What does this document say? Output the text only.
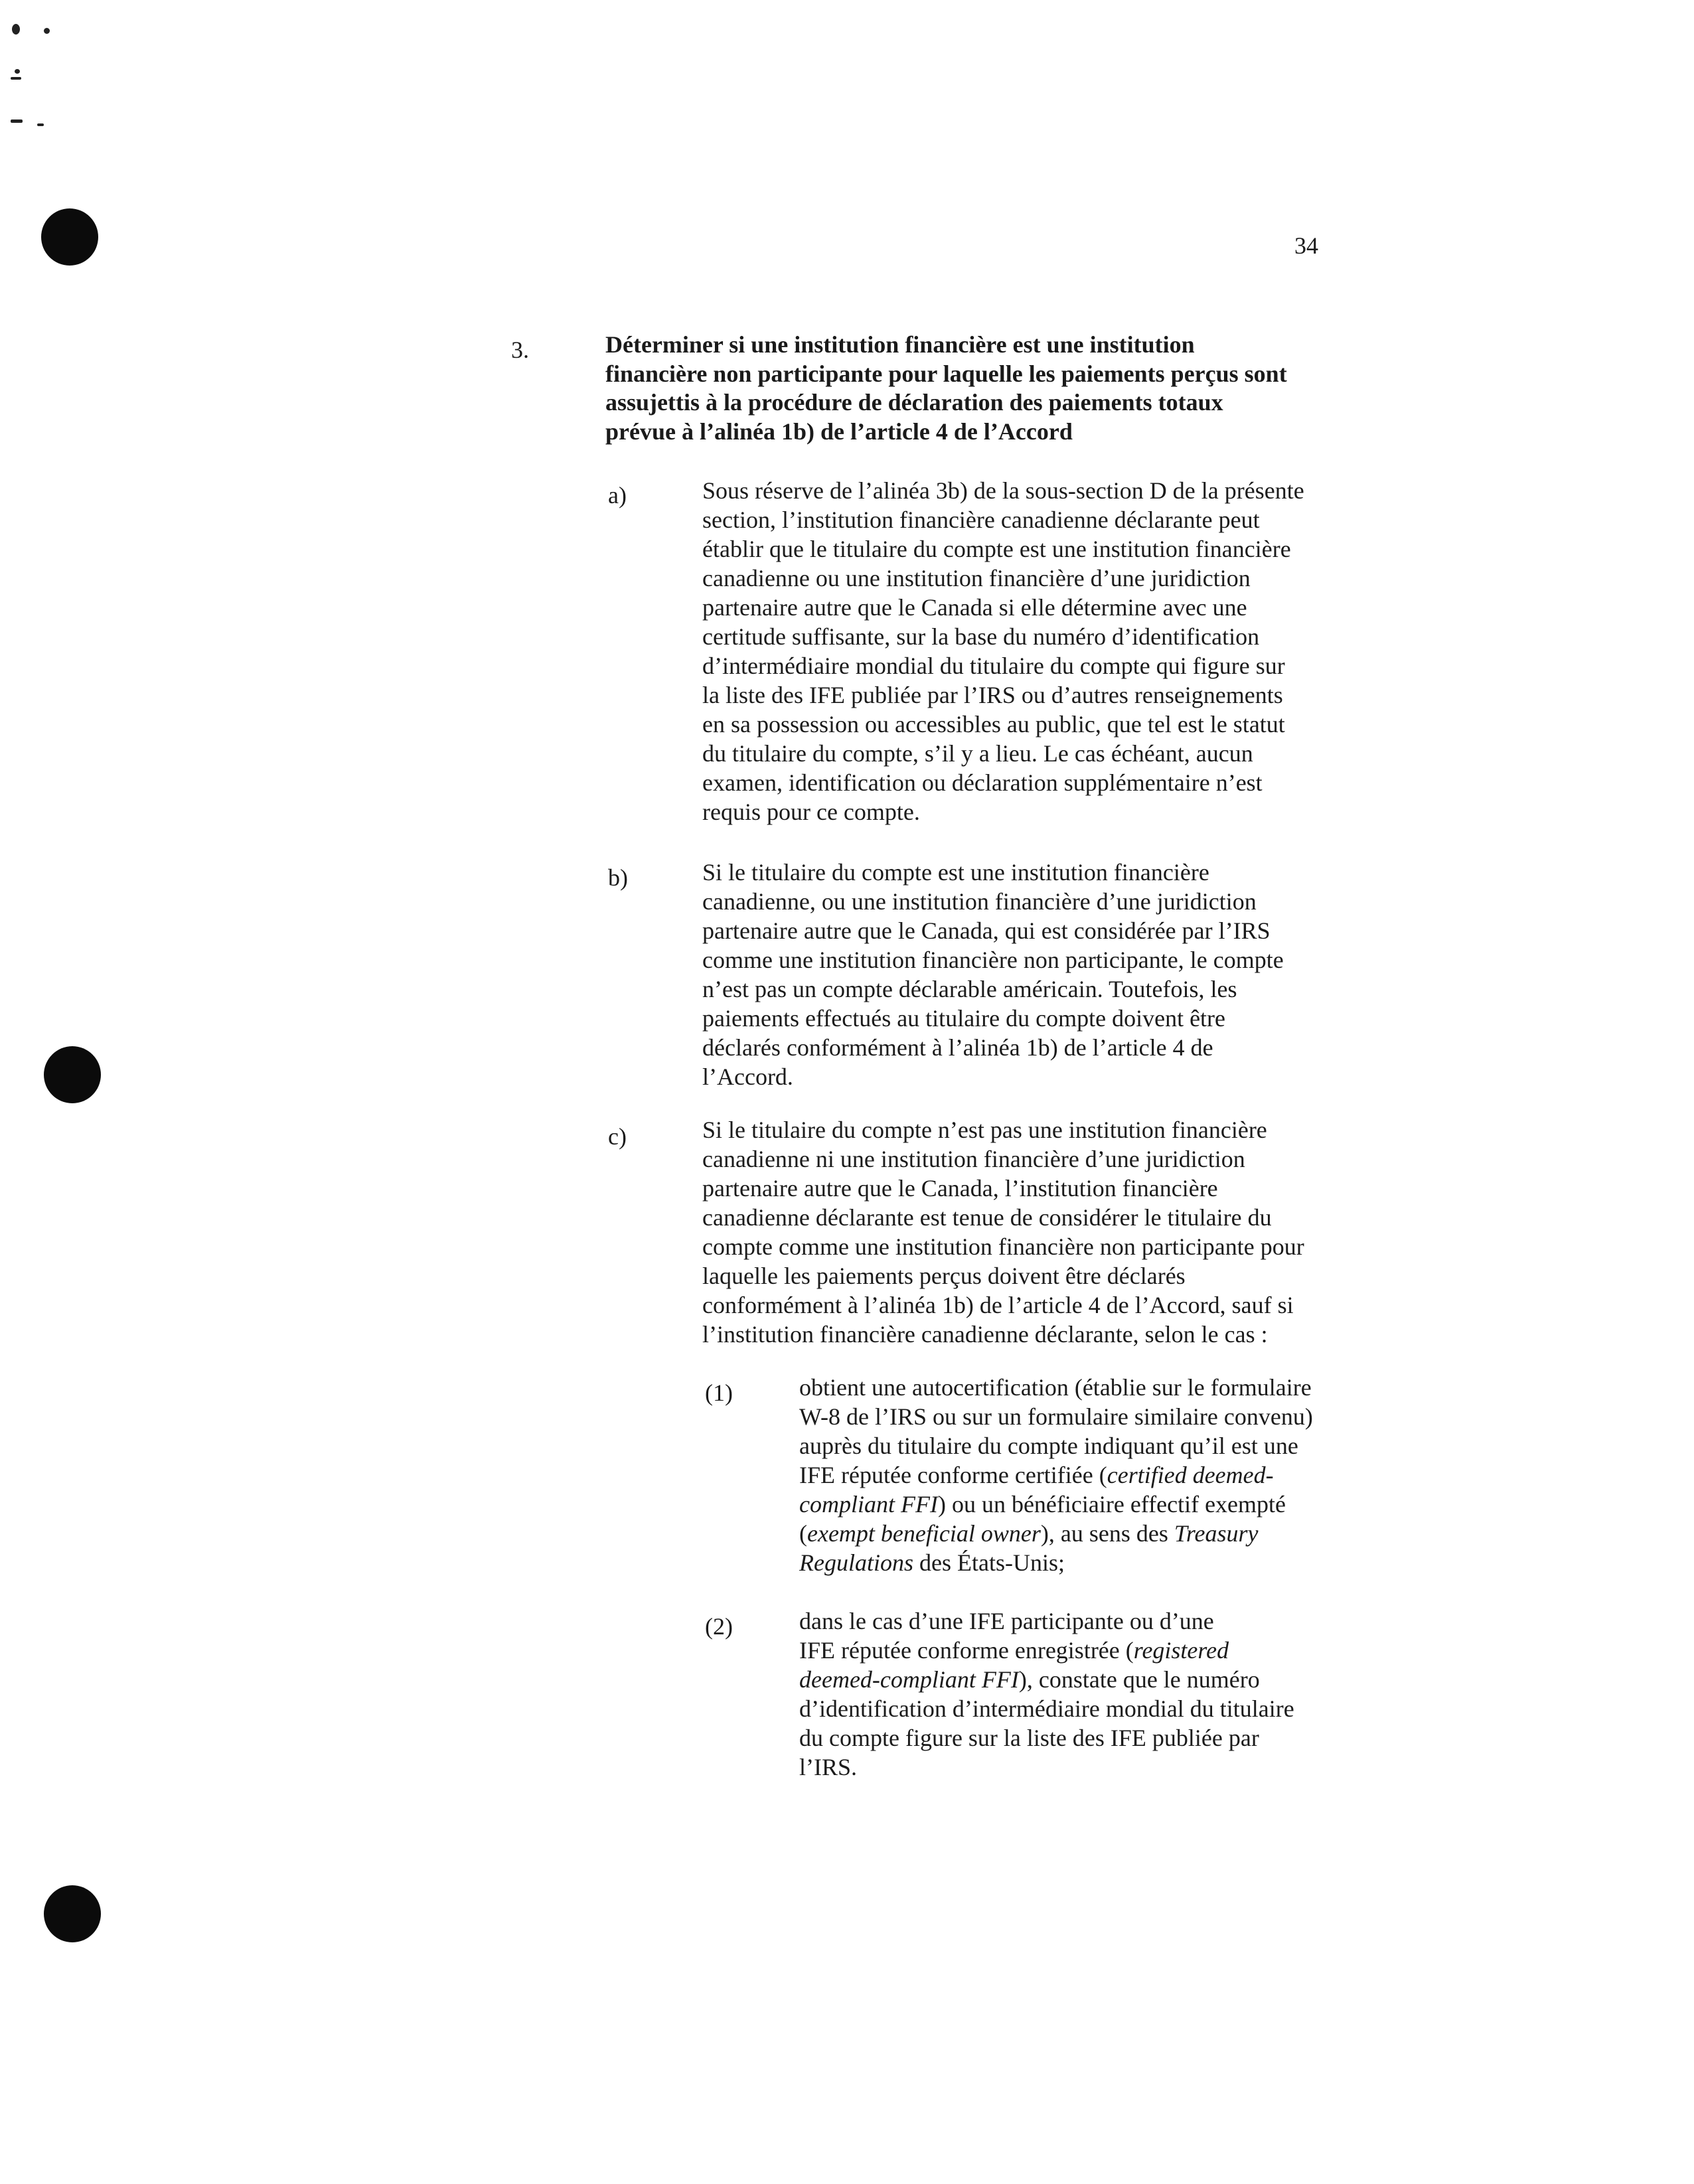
34
3.	Déterminer si une institution financière est une institution
financière non participante pour laquelle les paiements perçus sont
assujettis à la procédure de déclaration des paiements totaux
prévue à l’alinéa 1b) de l’article 4 de l’Accord
a)	Sous réserve de l’alinéa 3b) de la sous-section D de la présente
section, l’institution financière canadienne déclarante peut
établir que le titulaire du compte est une institution financière
canadienne ou une institution financière d’une juridiction
partenaire autre que le Canada si elle détermine avec une
certitude suffisante, sur la base du numéro d’identification
d’intermédiaire mondial du titulaire du compte qui figure sur
la liste des IFE publiée par l’IRS ou d’autres renseignements
en sa possession ou accessibles au public, que tel est le statut
du titulaire du compte, s’il y a lieu. Le cas échéant, aucun
examen, identification ou déclaration supplémentaire n’est
requis pour ce compte.

b)	Si le titulaire du compte est une institution financière
canadienne, ou une institution financière d’une juridiction
partenaire autre que le Canada, qui est considérée par l’IRS
comme une institution financière non participante, le compte
n’est pas un compte déclarable américain. Toutefois, les
paiements effectués au titulaire du compte doivent être
déclarés conformément à l’alinéa 1b) de l’article 4 de
l’Accord.

c)	Si le titulaire du compte n’est pas une institution financière
canadienne ni une institution financière d’une juridiction
partenaire autre que le Canada, l’institution financière
canadienne déclarante est tenue de considérer le titulaire du
compte comme une institution financière non participante pour
laquelle les paiements perçus doivent être déclarés
conformément à l’alinéa 1b) de l’article 4 de l’Accord, sauf si
l’institution financière canadienne déclarante, selon le cas :

(1)	obtient une autocertification (établie sur le formulaire
W-8 de l’IRS ou sur un formulaire similaire convenu)
auprès du titulaire du compte indiquant qu’il est une
IFE réputée conforme certifiée (certified deemed-
compliant FFI) ou un bénéficiaire effectif exempté
(exempt beneficial owner), au sens des Treasury
Regulations des États-Unis;

(2)	dans le cas d’une IFE participante ou d’une
IFE réputée conforme enregistrée (registered
deemed-compliant FFI), constate que le numéro
d’identification d’intermédiaire mondial du titulaire
du compte figure sur la liste des IFE publiée par
l’IRS.
